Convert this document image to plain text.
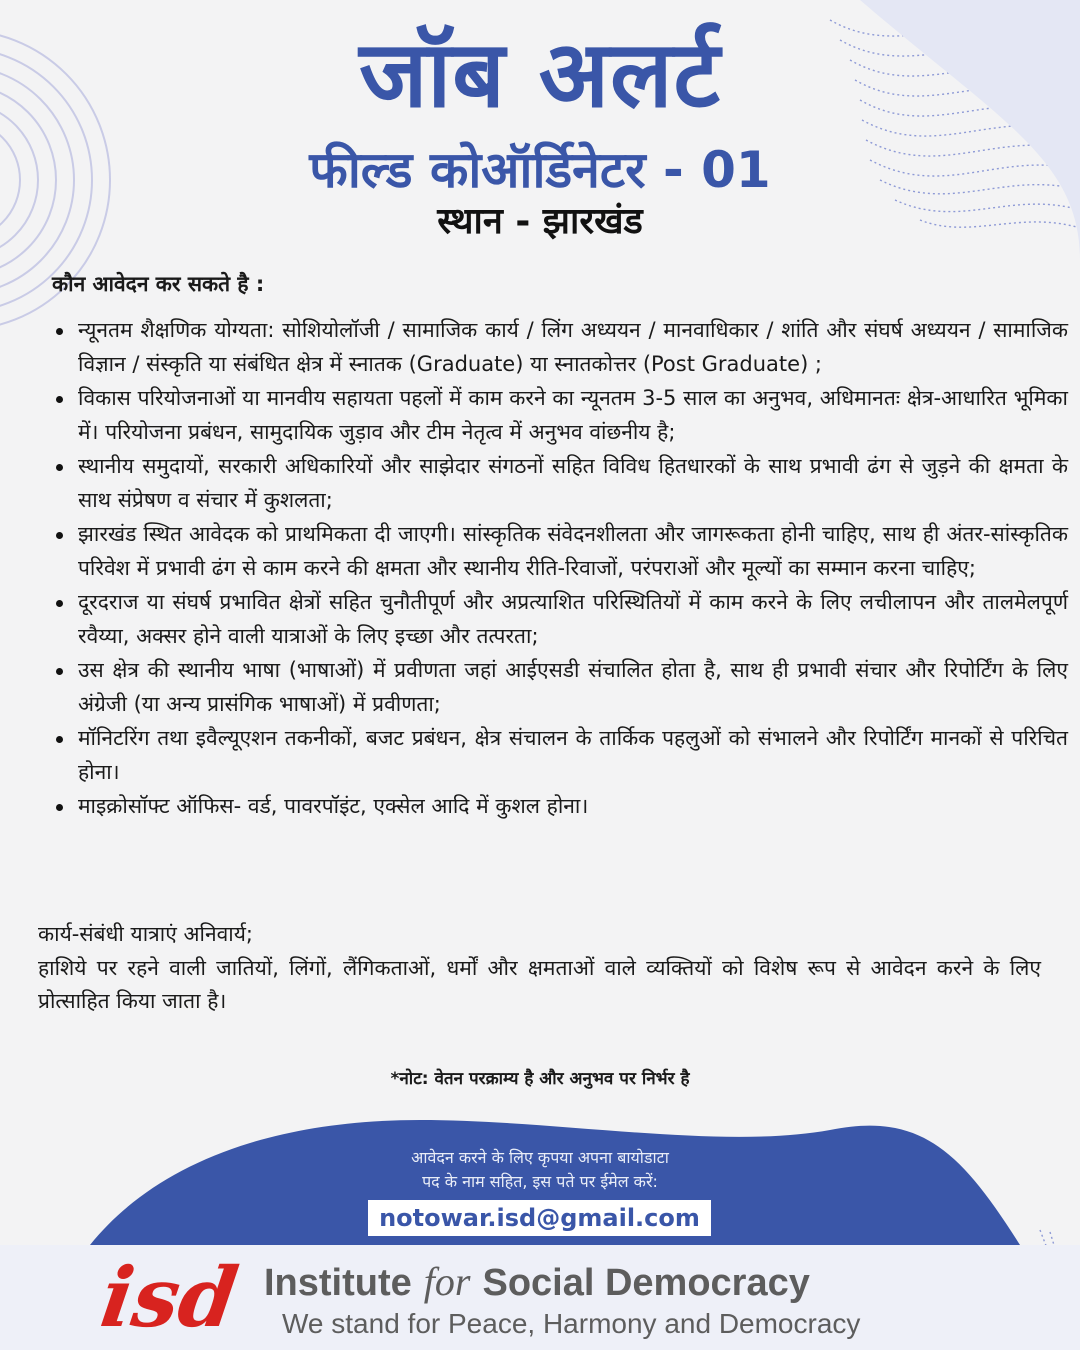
जॉब अलर्ट
फील्ड कोऑर्डिनेटर - 01
स्थान - झारखंड
कौन आवेदन कर सकते है :
न्यूनतम शैक्षणिक योग्यता: सोशियोलॉजी / सामाजिक कार्य / लिंग अध्ययन / मानवाधिकार / शांति और संघर्ष अध्ययन / सामाजिक विज्ञान / संस्कृति या संबंधित क्षेत्र में स्नातक (Graduate) या स्नातकोत्तर (Post Graduate) ;
विकास परियोजनाओं या मानवीय सहायता पहलों में काम करने का न्यूनतम 3-5 साल का अनुभव, अधिमानतः क्षेत्र-आधारित भूमिका में। परियोजना प्रबंधन, सामुदायिक जुड़ाव और टीम नेतृत्व में अनुभव वांछनीय है;
स्थानीय समुदायों, सरकारी अधिकारियों और साझेदार संगठनों सहित विविध हितधारकों के साथ प्रभावी ढंग से जुड़ने की क्षमता के साथ संप्रेषण व संचार में कुशलता;
झारखंड स्थित आवेदक को प्राथमिकता दी जाएगी। सांस्कृतिक संवेदनशीलता और जागरूकता होनी चाहिए, साथ ही अंतर-सांस्कृतिक परिवेश में प्रभावी ढंग से काम करने की क्षमता और स्थानीय रीति-रिवाजों, परंपराओं और मूल्यों का सम्मान करना चाहिए;
दूरदराज या संघर्ष प्रभावित क्षेत्रों सहित चुनौतीपूर्ण और अप्रत्याशित परिस्थितियों में काम करने के लिए लचीलापन और तालमेलपूर्ण रवैय्या, अक्सर होने वाली यात्राओं के लिए इच्छा और तत्परता;
उस क्षेत्र की स्थानीय भाषा (भाषाओं) में प्रवीणता जहां आईएसडी संचालित होता है, साथ ही प्रभावी संचार और रिपोर्टिंग के लिए अंग्रेजी (या अन्य प्रासंगिक भाषाओं) में प्रवीणता;
मॉनिटरिंग तथा इवैल्यूएशन तकनीकों, बजट प्रबंधन, क्षेत्र संचालन के तार्किक पहलुओं को संभालने और रिपोर्टिंग मानकों से परिचित होना।
माइक्रोसॉफ्ट ऑफिस- वर्ड, पावरपॉइंट, एक्सेल आदि में कुशल होना।

कार्य-संबंधी यात्राएं अनिवार्य;

हाशिये पर रहने वाली जातियों, लिंगों, लैंगिकताओं, धर्मों और क्षमताओं वाले व्यक्तियों को विशेष रूप से आवेदन करने के लिए प्रोत्साहित किया जाता है।

*नोट: वेतन परक्राम्य है और अनुभव पर निर्भर है
आवेदन करने के लिए कृपया अपना बायोडाटा
पद के नाम सहित, इस पते पर ईमेल करें:
notowar.isd@gmail.com
isd Institute for Social Democracy
We stand for Peace, Harmony and Democracy
